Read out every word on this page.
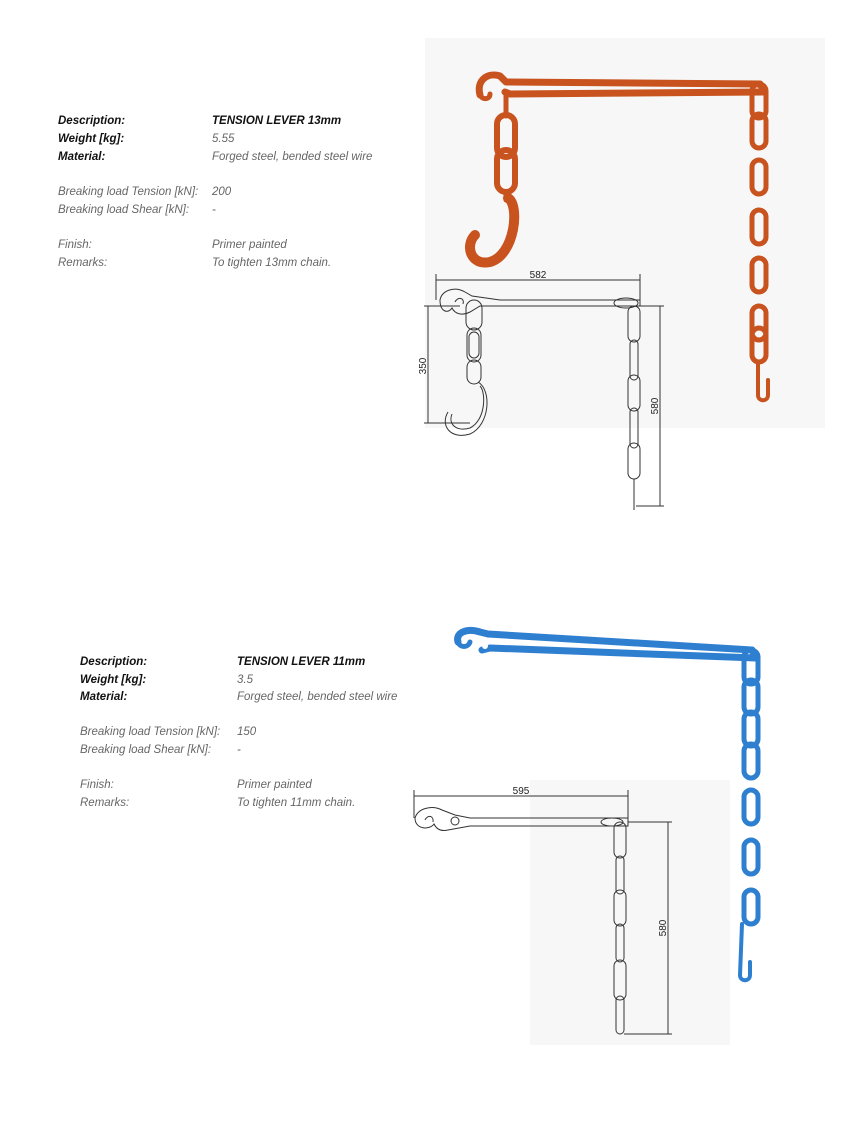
Description:	TENSION LEVER 13mm
Weight [kg]:	5.55
Material:	Forged steel, bended steel wire
Breaking load Tension [kN]: 200
Breaking load Shear [kN]: -
Finish:	Primer painted
Remarks:	To tighten 13mm chain.
582
350
580
Description:	TENSION LEVER 11mm
Weight [kg]:	3.5
Material:	Forged steel, bended steel wire
Breaking load Tension [kN]: 150
Breaking load Shear [kN]: -
Finish:	Primer painted
Remarks:	To tighten 11mm chain.
595
580
